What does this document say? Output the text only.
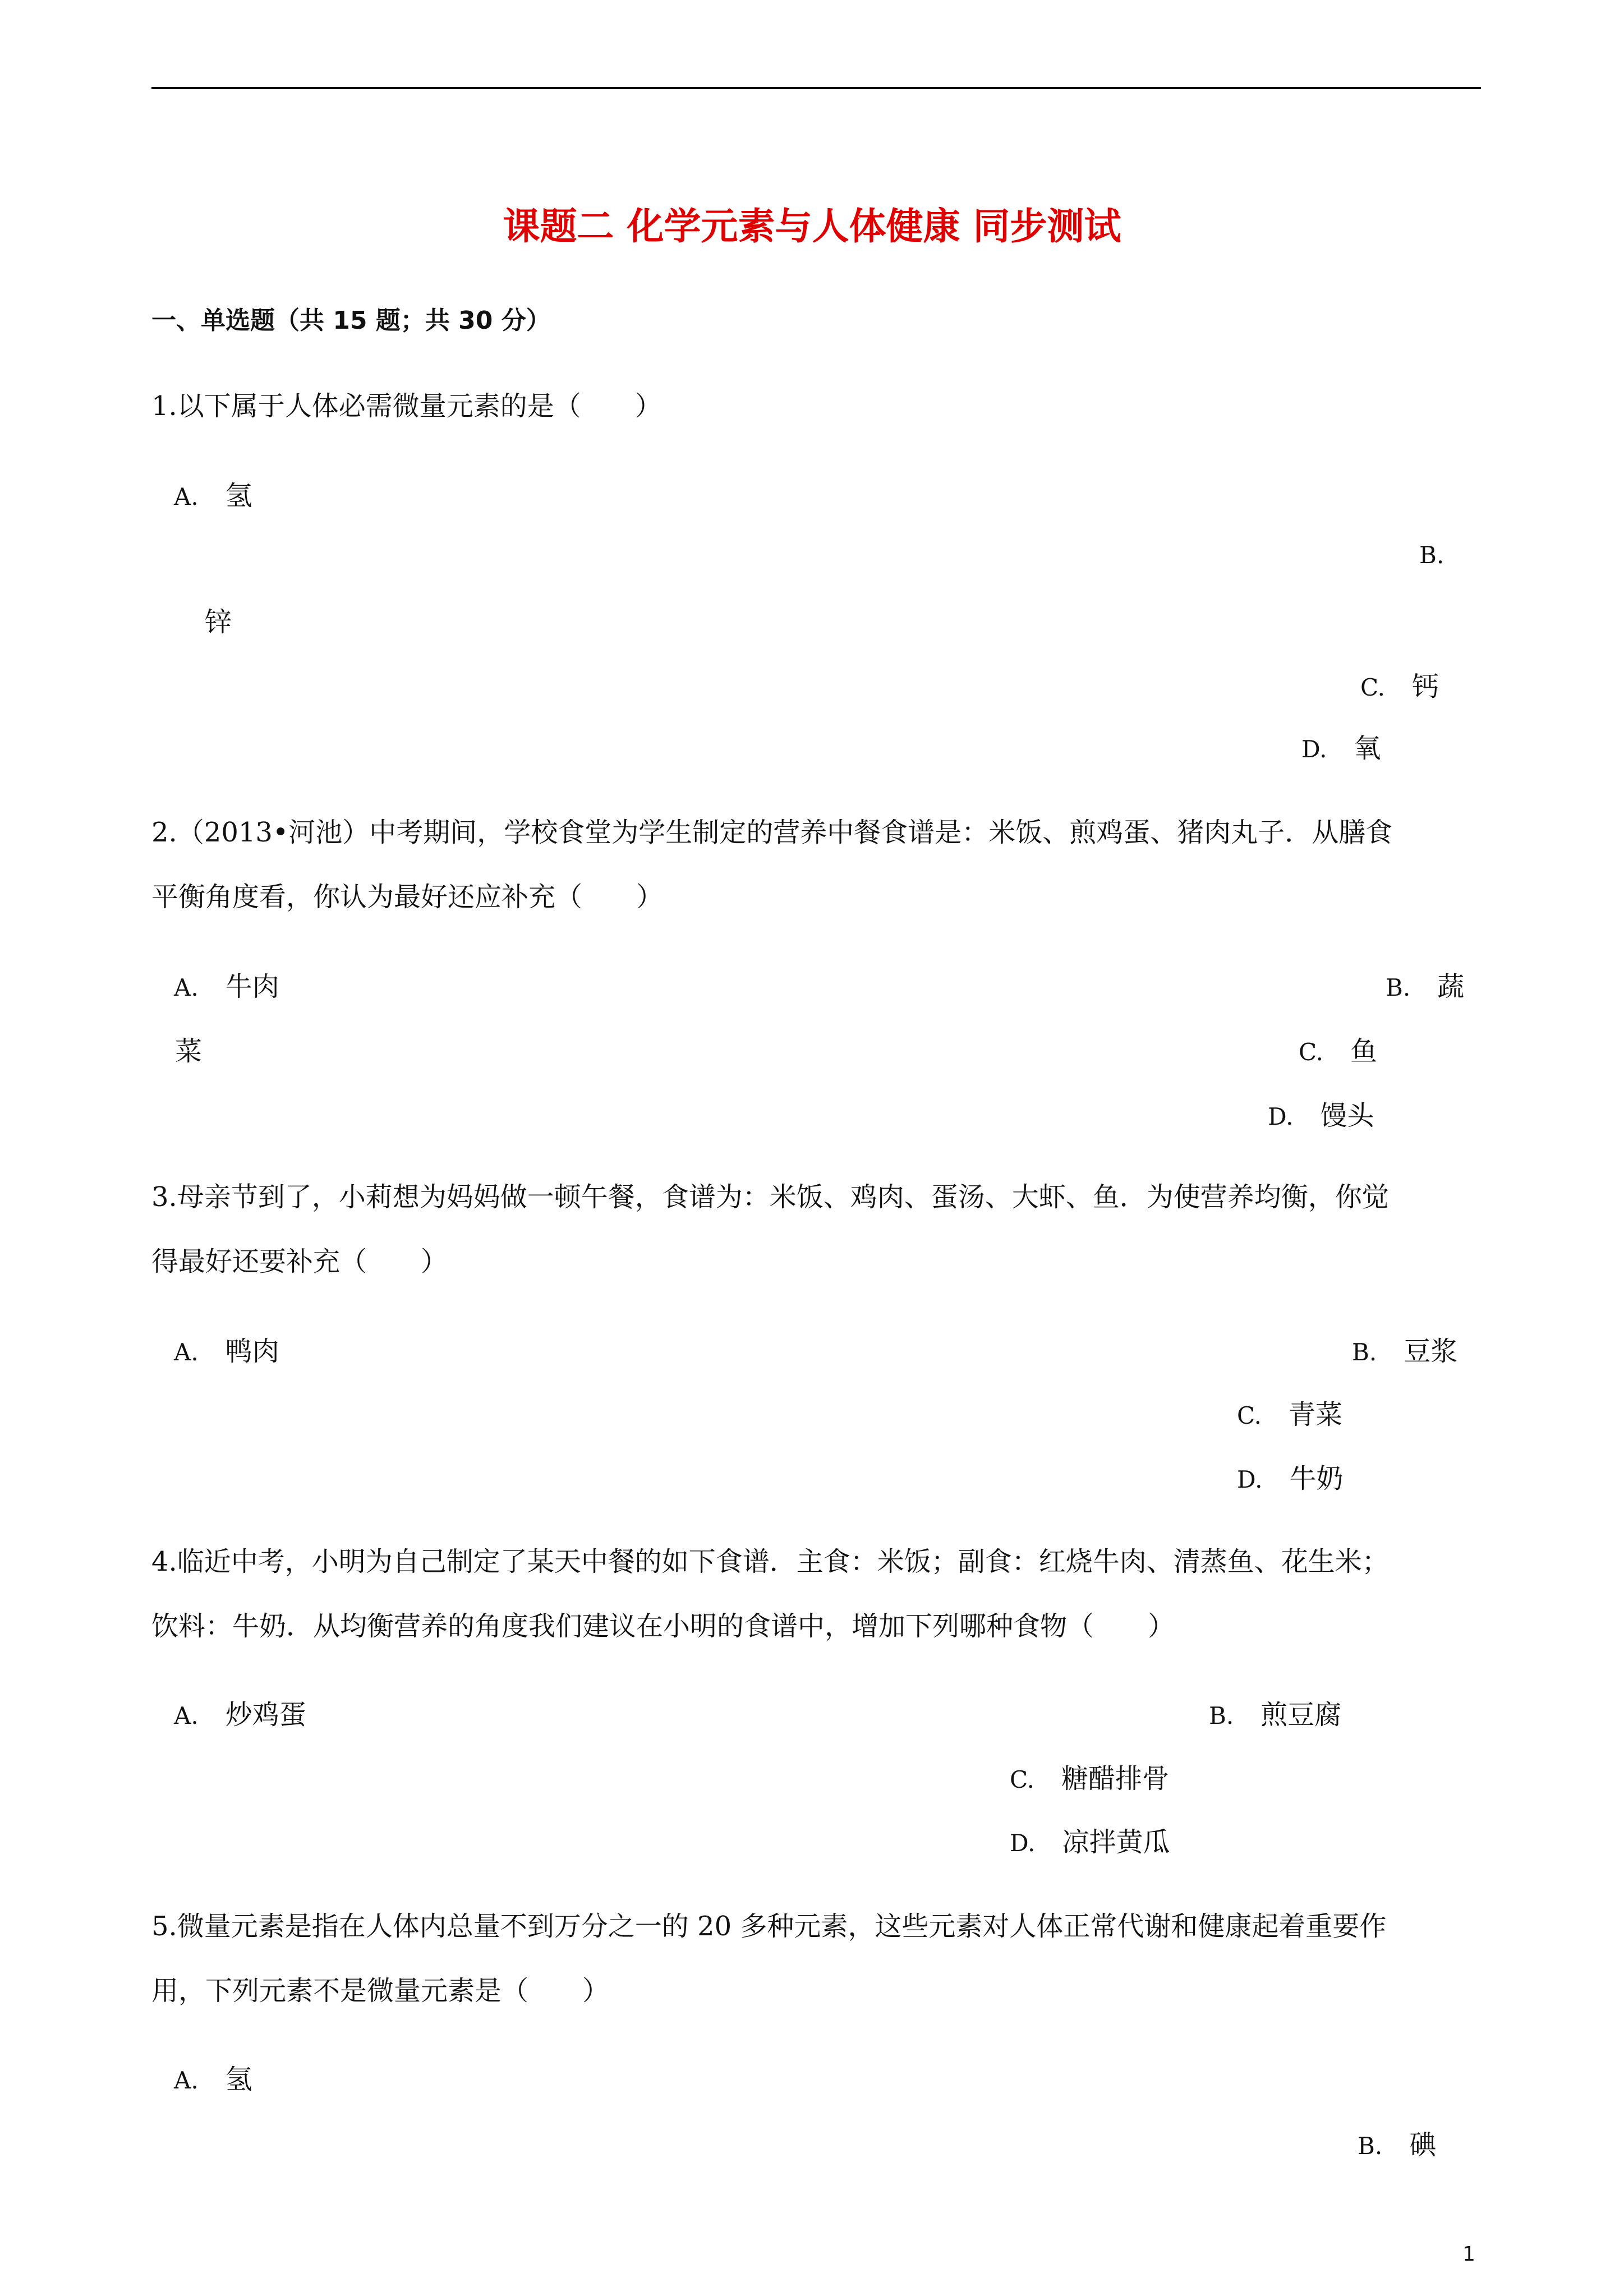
课题二 化学元素与人体健康 同步测试
一、单选题（共 15 题；共 30 分）
1.以下属于人体必需微量元素的是（　　）
A. 氢
B.
锌
C. 钙
D. 氧
2.（2013•河池）中考期间，学校食堂为学生制定的营养中餐食谱是：米饭、煎鸡蛋、猪肉丸子．从膳食
平衡角度看，你认为最好还应补充（　　）
A. 牛肉	B. 蔬
菜	C. 鱼
D. 馒头
3.母亲节到了，小莉想为妈妈做一顿午餐，食谱为：米饭、鸡肉、蛋汤、大虾、鱼．为使营养均衡，你觉
得最好还要补充（　　）
A. 鸭肉	B. 豆浆
C. 青菜
D. 牛奶
4.临近中考，小明为自己制定了某天中餐的如下食谱．主食：米饭；副食：红烧牛肉、清蒸鱼、花生米；
饮料：牛奶．从均衡营养的角度我们建议在小明的食谱中，增加下列哪种食物（　　）
A. 炒鸡蛋	B. 煎豆腐
C. 糖醋排骨
D. 凉拌黄瓜
5.微量元素是指在人体内总量不到万分之一的 20 多种元素，这些元素对人体正常代谢和健康起着重要作
用，下列元素不是微量元素是（　　）
A. 氢
B. 碘
1
